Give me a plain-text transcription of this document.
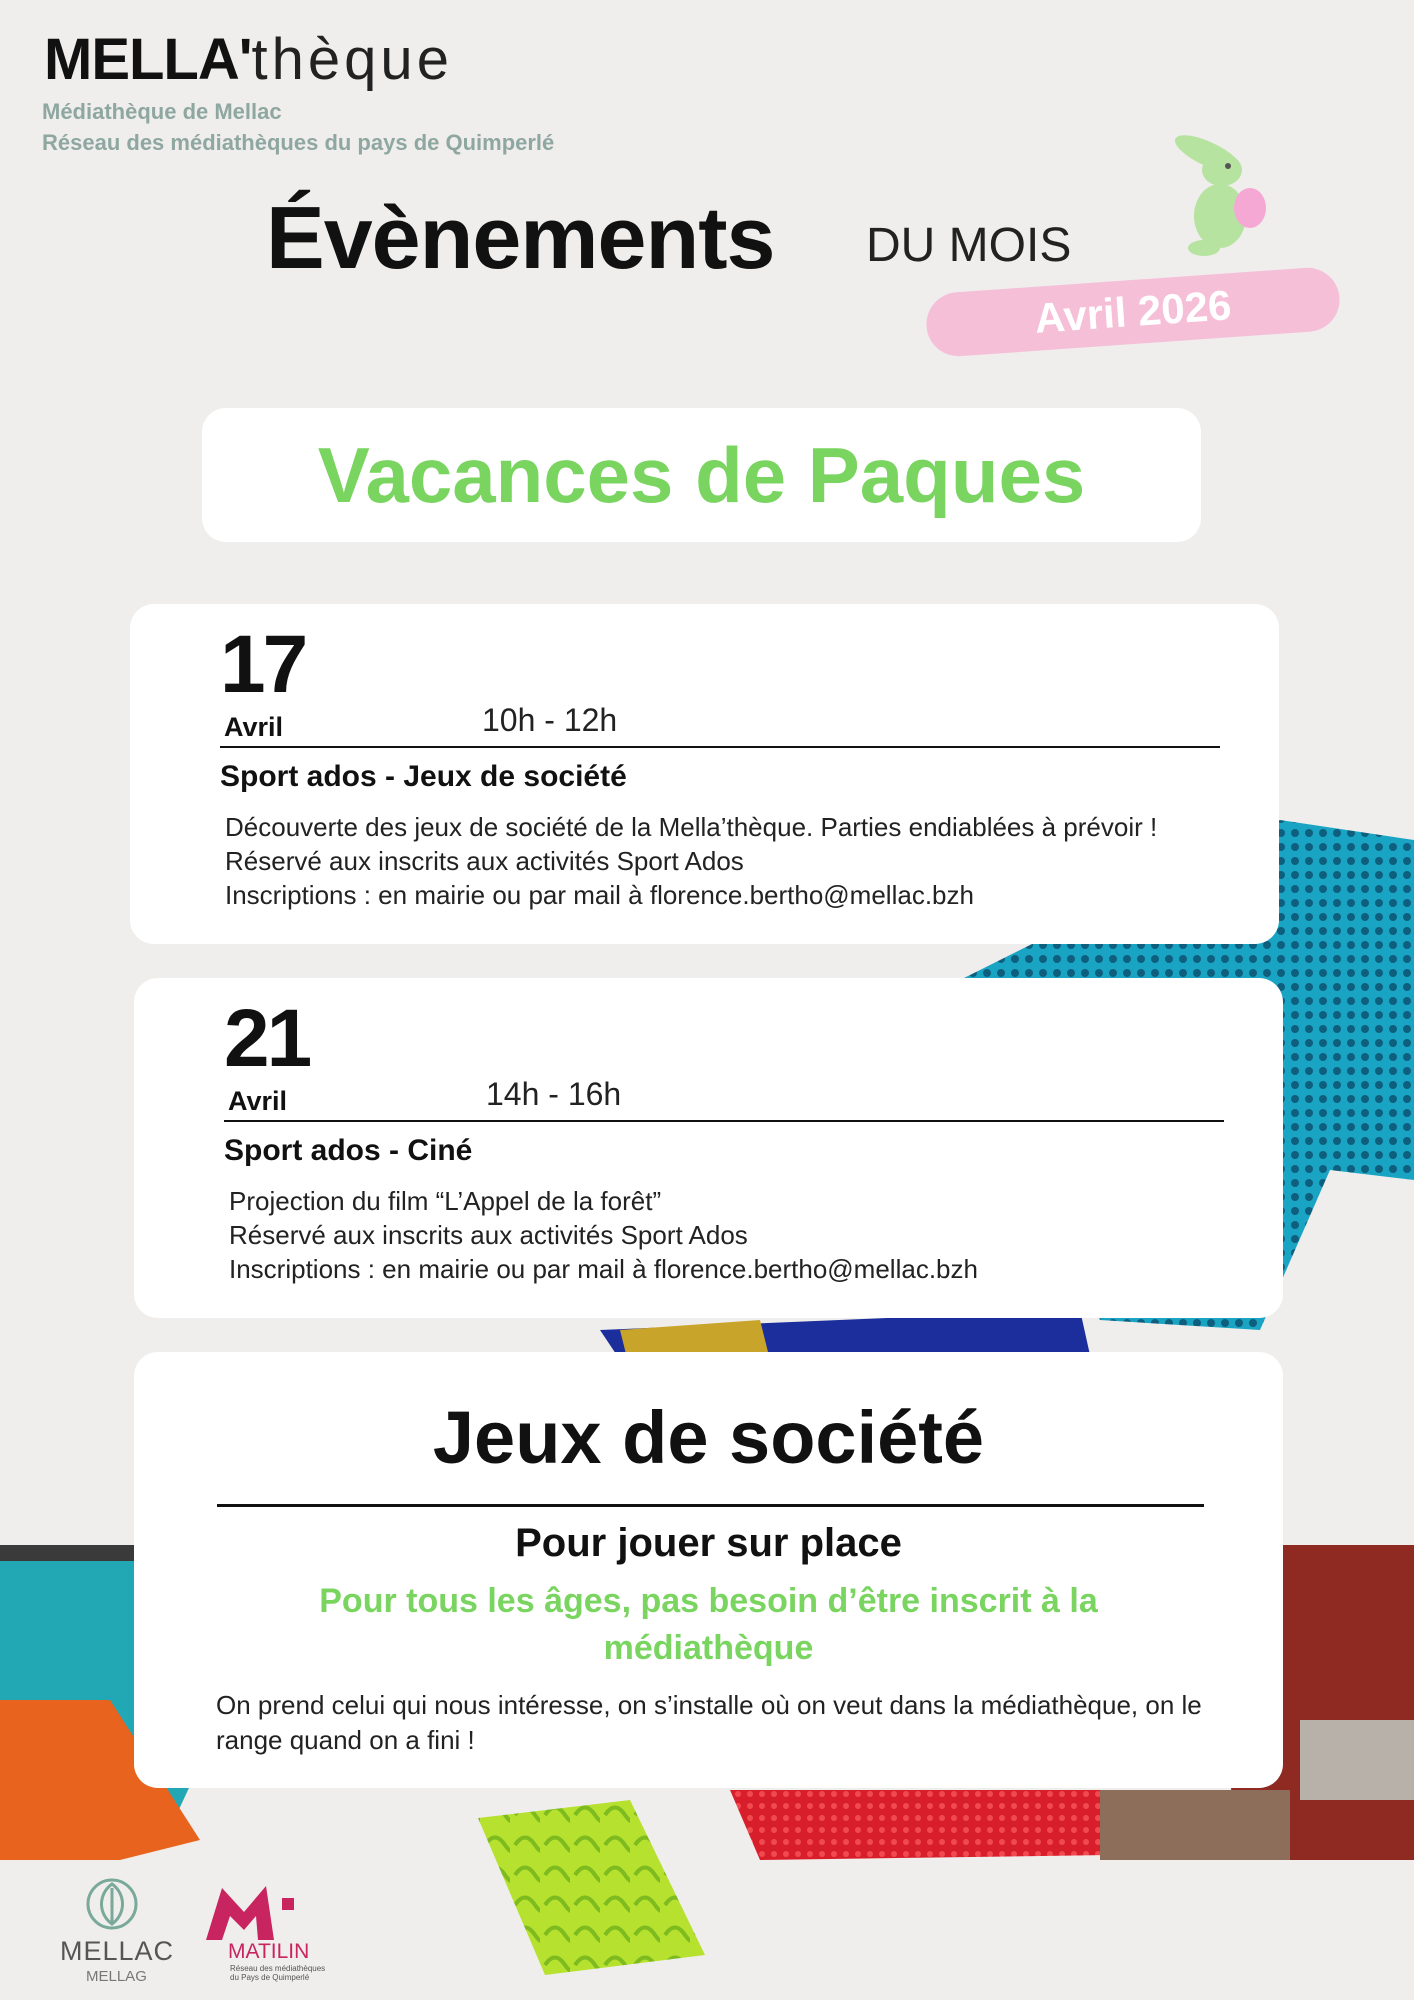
MELLA'thèque
Médiathèque de Mellac
Réseau des médiathèques du pays de Quimperlé
Évènements DU MOIS
Avril 2026
Vacances de Paques
17
Avril	10h - 12h
Sport ados - Jeux de société
Découverte des jeux de société de la Mella’thèque. Parties endiablées à prévoir !
Réservé aux inscrits aux activités Sport Ados
Inscriptions : en mairie ou par mail à florence.bertho@mellac.bzh
21
Avril	14h - 16h
Sport ados - Ciné
Projection du film “L’Appel de la forêt”
Réservé aux inscrits aux activités Sport Ados
Inscriptions : en mairie ou par mail à florence.bertho@mellac.bzh
Jeux de société
Pour jouer sur place
Pour tous les âges, pas besoin d’être inscrit à la médiathèque
On prend celui qui nous intéresse, on s’installe où on veut dans la médiathèque, on le range quand on a fini !
MELLAC
MELLAG
MATILIN
Réseau des médiathèques
du Pays de Quimperlé
